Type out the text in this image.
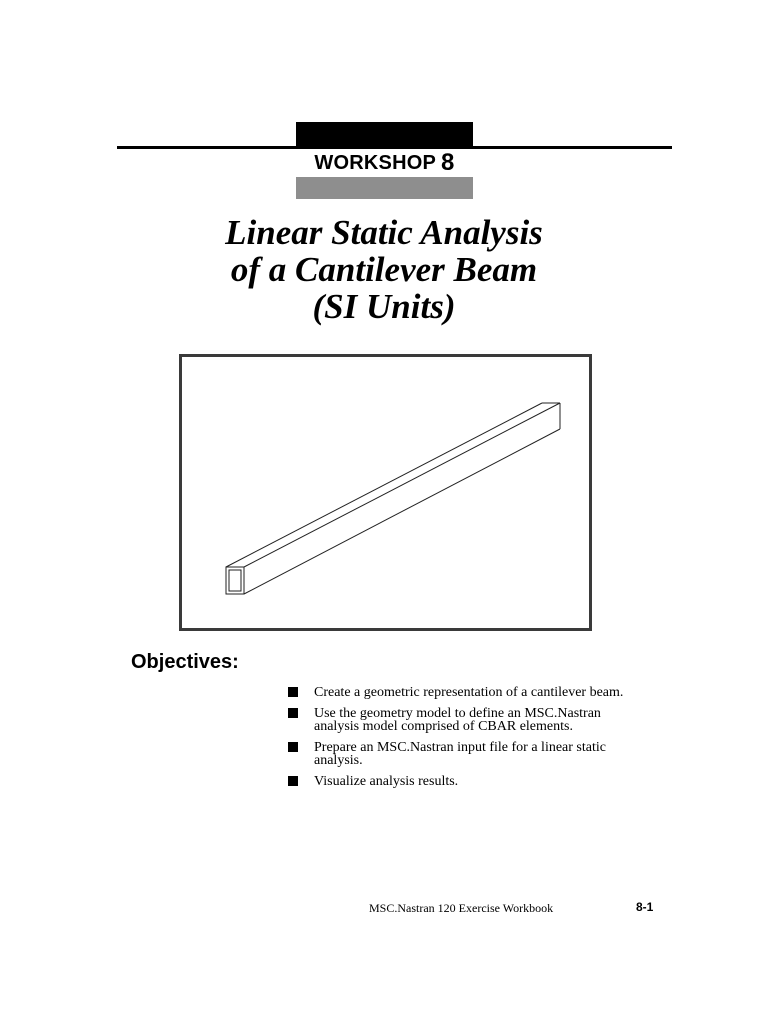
WORKSHOP 8
Linear Static Analysis
of a Cantilever Beam
(SI Units)
Objectives:
Create a geometric representation of a cantilever beam.
Use the geometry model to define an MSC.Nastran analysis model comprised of CBAR elements.
Prepare an MSC.Nastran input file for a linear static analysis.
Visualize analysis results.
MSC.Nastran 120 Exercise Workbook	8-1
